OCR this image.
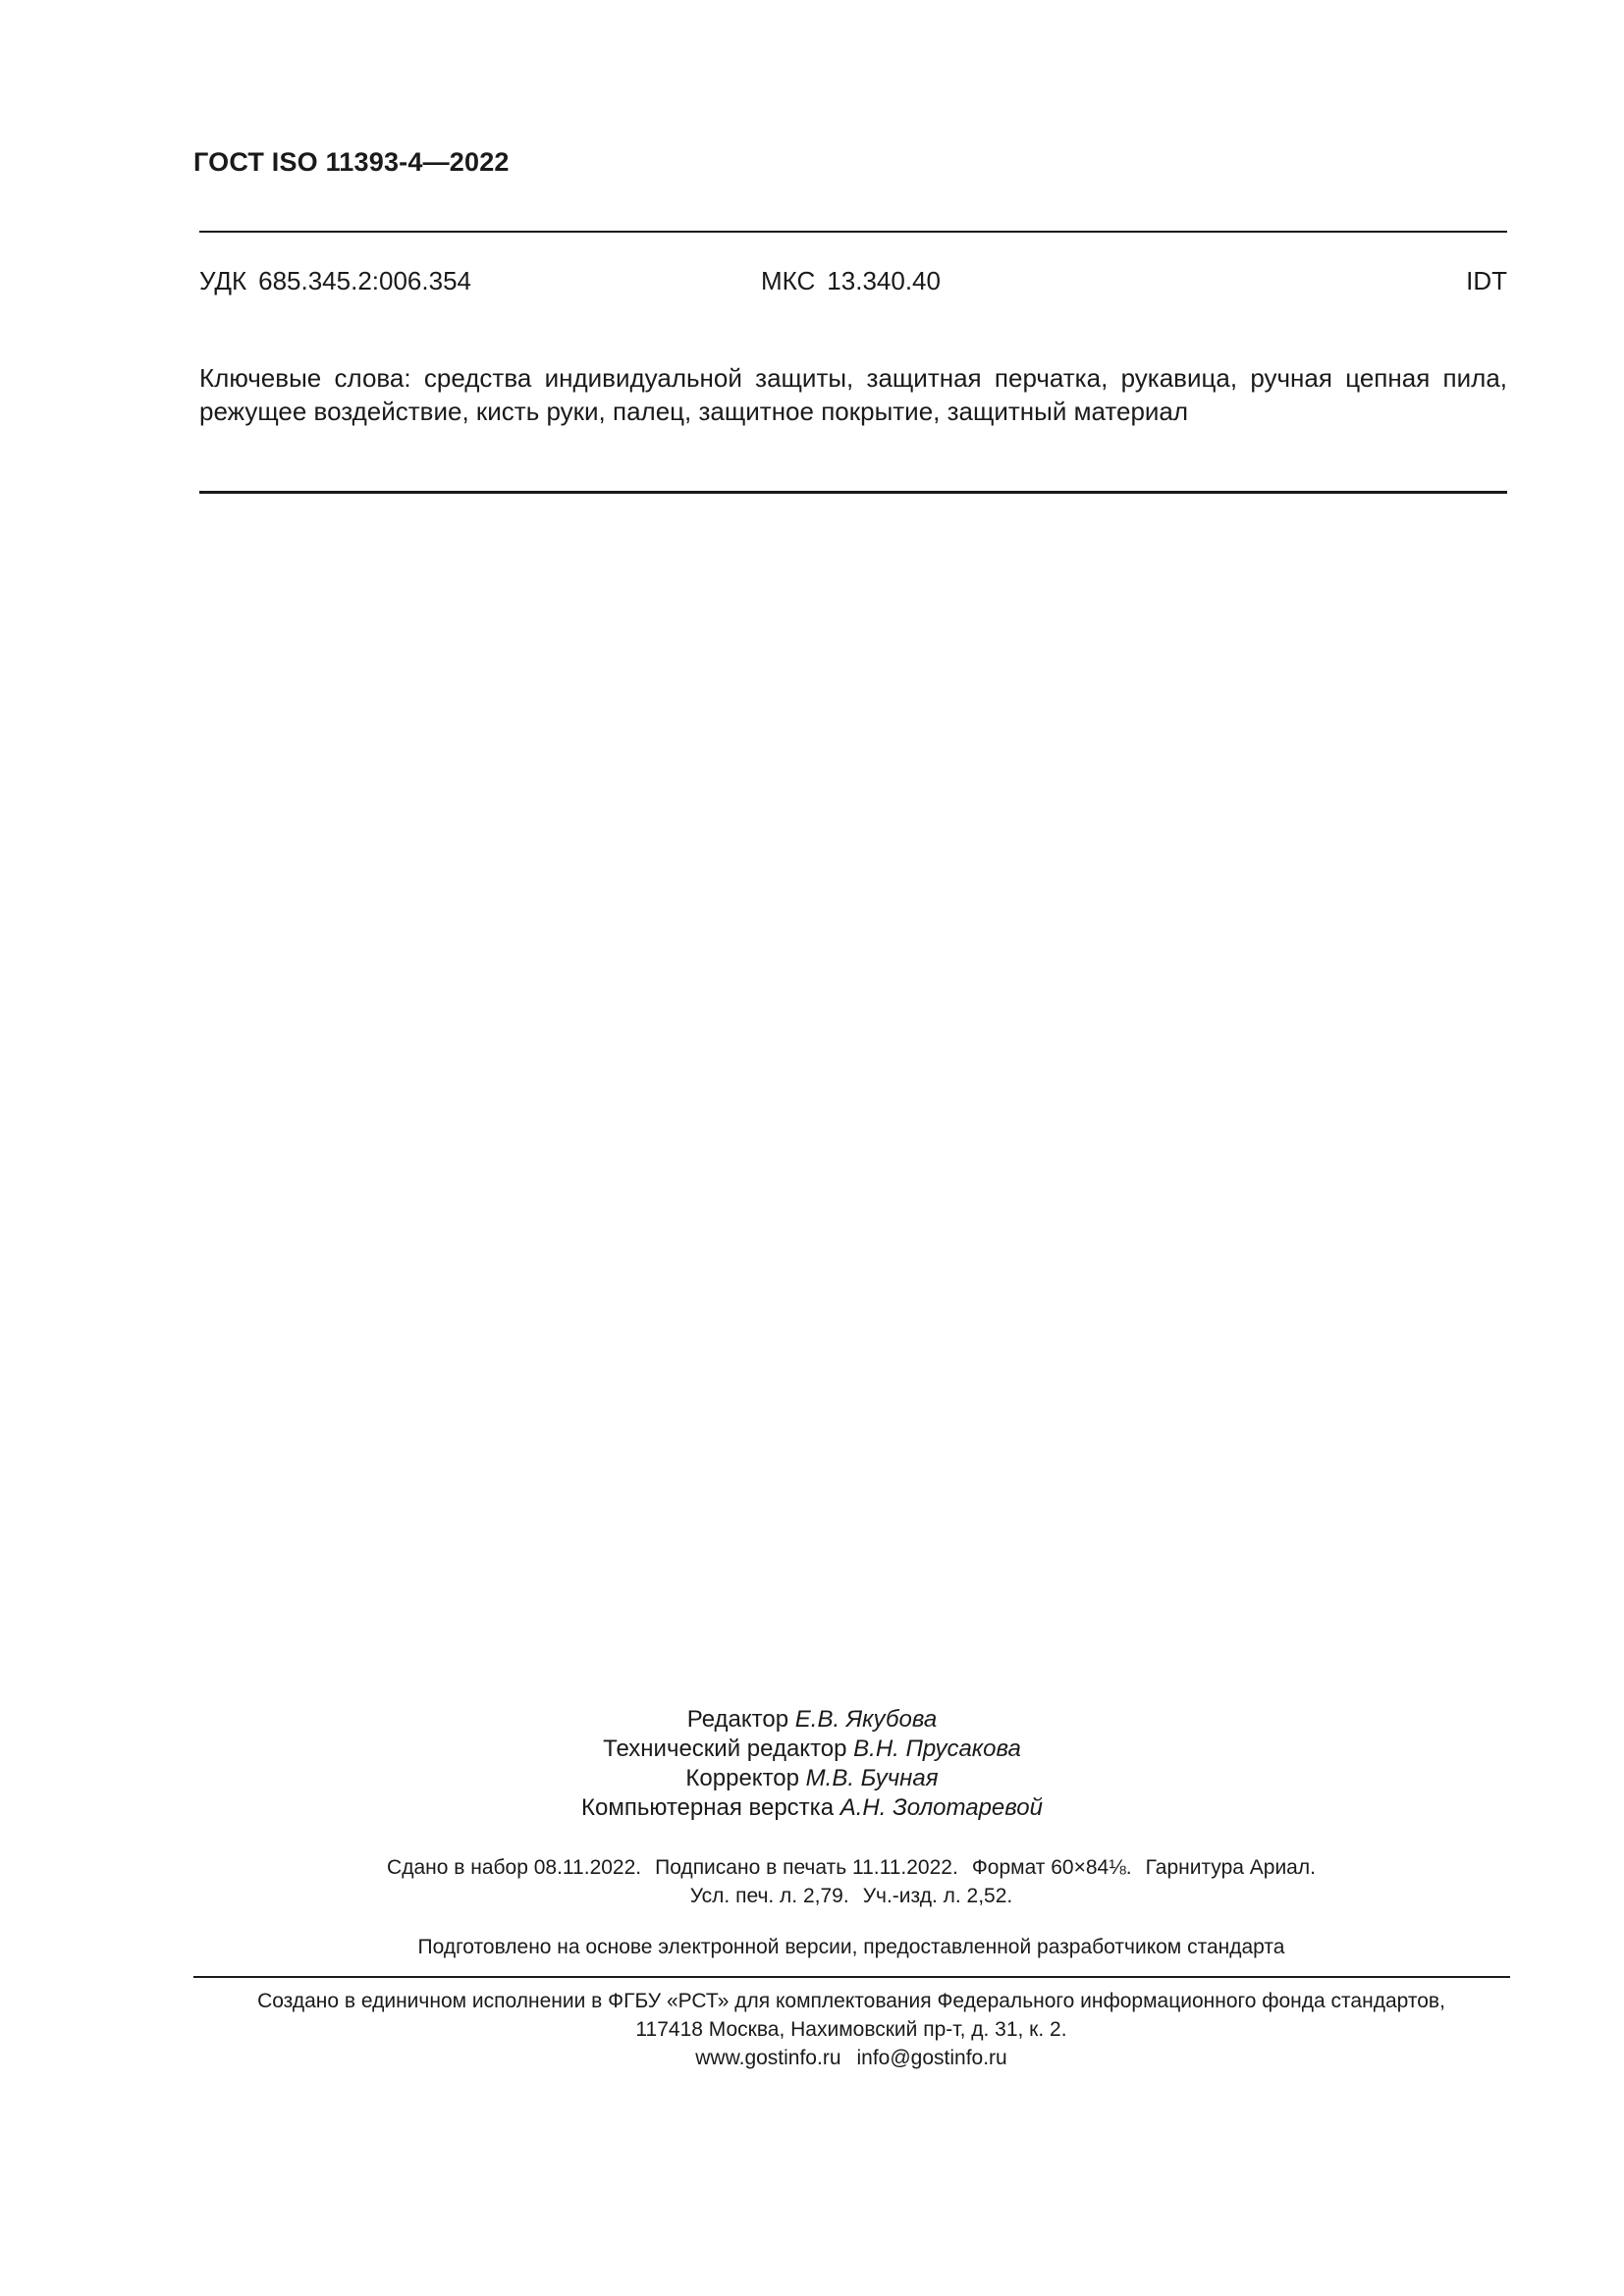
ГОСТ ISO 11393-4—2022
УДК 685.345.2:006.354	МКС 13.340.40	IDT
Ключевые слова: средства индивидуальной защиты, защитная перчатка, рукавица, ручная цепная пила, режущее воздействие, кисть руки, палец, защитное покрытие, защитный материал
Редактор Е.В. Якубова
Технический редактор В.Н. Прусакова
Корректор М.В. Бучная
Компьютерная верстка А.Н. Золотаревой
Сдано в набор 08.11.2022. Подписано в печать 11.11.2022. Формат 60×84⅛. Гарнитура Ариал.
Усл. печ. л. 2,79. Уч.-изд. л. 2,52.
Подготовлено на основе электронной версии, предоставленной разработчиком стандарта
Создано в единичном исполнении в ФГБУ «РСТ» для комплектования Федерального информационного фонда стандартов,
117418 Москва, Нахимовский пр-т, д. 31, к. 2.
www.gostinfo.ru info@gostinfo.ru
